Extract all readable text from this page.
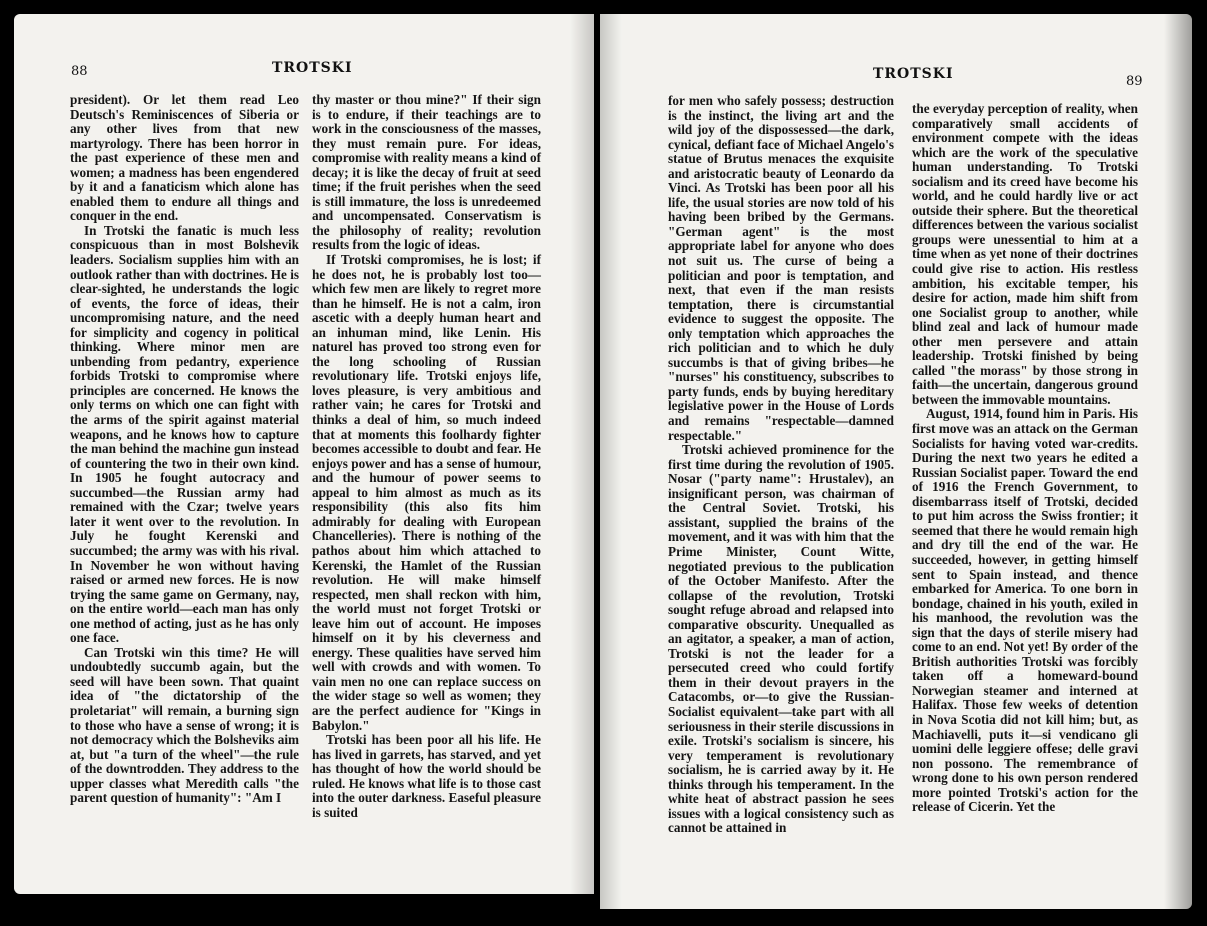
88	TROTSKI

president). Or let them read Leo Deutsch's Reminiscences of Siberia or any other lives from that new martyrology. There has been horror in the past experience of these men and women; a madness has been engendered by it and a fanaticism which alone has enabled them to endure all things and conquer in the end.

In Trotski the fanatic is much less conspicuous than in most Bolshevik leaders. Socialism supplies him with an outlook rather than with doctrines. He is clear-sighted, he understands the logic of events, the force of ideas, their uncompromising nature, and the need for simplicity and cogency in political thinking. Where minor men are unbending from pedantry, experience forbids Trotski to compromise where principles are concerned. He knows the only terms on which one can fight with the arms of the spirit against material weapons, and he knows how to capture the man behind the machine gun instead of countering the two in their own kind. In 1905 he fought autocracy and succumbed—the Russian army had remained with the Czar; twelve years later it went over to the revolution. In July he fought Kerenski and succumbed; the army was with his rival. In November he won without having raised or armed new forces. He is now trying the same game on Germany, nay, on the entire world—each man has only one method of acting, just as he has only one face.

Can Trotski win this time? He will undoubtedly succumb again, but the seed will have been sown. That quaint idea of "the dictatorship of the proletariat" will remain, a burning sign to those who have a sense of wrong; it is not democracy which the Bolsheviks aim at, but "a turn of the wheel"—the rule of the downtrodden. They address to the upper classes what Meredith calls "the parent question of humanity": "Am I

thy master or thou mine?" If their sign is to endure, if their teachings are to work in the consciousness of the masses, they must remain pure. For ideas, compromise with reality means a kind of decay; it is like the decay of fruit at seed time; if the fruit perishes when the seed is still immature, the loss is unredeemed and uncompensated. Conservatism is the philosophy of reality; revolution results from the logic of ideas.

If Trotski compromises, he is lost; if he does not, he is probably lost too—which few men are likely to regret more than he himself. He is not a calm, iron ascetic with a deeply human heart and an inhuman mind, like Lenin. His naturel has proved too strong even for the long schooling of Russian revolutionary life. Trotski enjoys life, loves pleasure, is very ambitious and rather vain; he cares for Trotski and thinks a deal of him, so much indeed that at moments this foolhardy fighter becomes accessible to doubt and fear. He enjoys power and has a sense of humour, and the humour of power seems to appeal to him almost as much as its responsibility (this also fits him admirably for dealing with European Chancelleries). There is nothing of the pathos about him which attached to Kerenski, the Hamlet of the Russian revolution. He will make himself respected, men shall reckon with him, the world must not forget Trotski or leave him out of account. He imposes himself on it by his cleverness and energy. These qualities have served him well with crowds and with women. To vain men no one can replace success on the wider stage so well as women; they are the perfect audience for "Kings in Babylon."

Trotski has been poor all his life. He has lived in garrets, has starved, and yet has thought of how the world should be ruled. He knows what life is to those cast into the outer darkness. Easeful pleasure is suited

TROTSKI	89

for men who safely possess; destruction is the instinct, the living art and the wild joy of the dispossessed—the dark, cynical, defiant face of Michael Angelo's statue of Brutus menaces the exquisite and aristocratic beauty of Leonardo da Vinci. As Trotski has been poor all his life, the usual stories are now told of his having been bribed by the Germans. "German agent" is the most appropriate label for anyone who does not suit us. The curse of being a politician and poor is temptation, and next, that even if the man resists temptation, there is circumstantial evidence to suggest the opposite. The only temptation which approaches the rich politician and to which he duly succumbs is that of giving bribes—he "nurses" his constituency, subscribes to party funds, ends by buying hereditary legislative power in the House of Lords and remains "respectable—damned respectable."

Trotski achieved prominence for the first time during the revolution of 1905. Nosar ("party name": Hrustalev), an insignificant person, was chairman of the Central Soviet. Trotski, his assistant, supplied the brains of the movement, and it was with him that the Prime Minister, Count Witte, negotiated previous to the publication of the October Manifesto. After the collapse of the revolution, Trotski sought refuge abroad and relapsed into comparative obscurity. Unequalled as an agitator, a speaker, a man of action, Trotski is not the leader for a persecuted creed who could fortify them in their devout prayers in the Catacombs, or—to give the Russian-Socialist equivalent—take part with all seriousness in their sterile discussions in exile. Trotski's socialism is sincere, his very temperament is revolutionary socialism, he is carried away by it. He thinks through his temperament. In the white heat of abstract passion he sees issues with a logical consistency such as cannot be attained in

the everyday perception of reality, when comparatively small accidents of environment compete with the ideas which are the work of the speculative human understanding. To Trotski socialism and its creed have become his world, and he could hardly live or act outside their sphere. But the theoretical differences between the various socialist groups were unessential to him at a time when as yet none of their doctrines could give rise to action. His restless ambition, his excitable temper, his desire for action, made him shift from one Socialist group to another, while blind zeal and lack of humour made other men persevere and attain leadership. Trotski finished by being called "the morass" by those strong in faith—the uncertain, dangerous ground between the immovable mountains.

August, 1914, found him in Paris. His first move was an attack on the German Socialists for having voted war-credits. During the next two years he edited a Russian Socialist paper. Toward the end of 1916 the French Government, to disembarrass itself of Trotski, decided to put him across the Swiss frontier; it seemed that there he would remain high and dry till the end of the war. He succeeded, however, in getting himself sent to Spain instead, and thence embarked for America. To one born in bondage, chained in his youth, exiled in his manhood, the revolution was the sign that the days of sterile misery had come to an end. Not yet! By order of the British authorities Trotski was forcibly taken off a homeward-bound Norwegian steamer and interned at Halifax. Those few weeks of detention in Nova Scotia did not kill him; but, as Machiavelli, puts it—si vendicano gli uomini delle leggiere offese; delle gravi non possono. The remembrance of wrong done to his own person rendered more pointed Trotski's action for the release of Cicerin. Yet the
